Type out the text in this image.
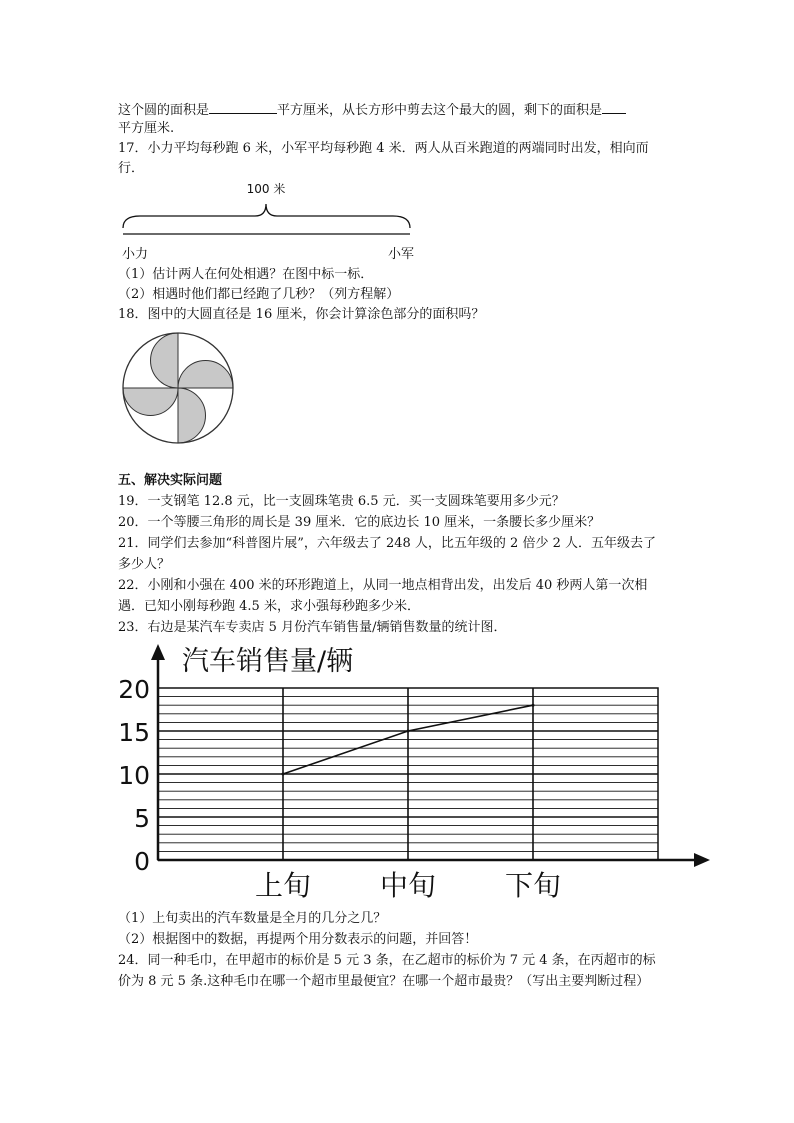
这个圆的面积是	平方厘米，从长方形中剪去这个最大的圆，剩下的面积是
平方厘米.
17．小力平均每秒跑 6 米，小军平均每秒跑 4 米．两人从百米跑道的两端同时出发，相向而
行．
100 米
小力	小军
（1）估计两人在何处相遇？在图中标一标．
（2）相遇时他们都已经跑了几秒？（列方程解）
18．图中的大圆直径是 16 厘米，你会计算涂色部分的面积吗？
五、解决实际问题
19．一支钢笔 12.8 元，比一支圆珠笔贵 6.5 元．买一支圆珠笔要用多少元？
20．一个等腰三角形的周长是 39 厘米．它的底边长 10 厘米，一条腰长多少厘米？
21．同学们去参加“科普图片展”，六年级去了 248 人，比五年级的 2 倍少 2 人．五年级去了
多少人？
22．小刚和小强在 400 米的环形跑道上，从同一地点相背出发，出发后 40 秒两人第一次相
遇．已知小刚每秒跑 4.5 米，求小强每秒跑多少米．
23．右边是某汽车专卖店 5 月份汽车销售量/辆销售数量的统计图．
0
5
10
15
20
上旬 中旬 下旬
汽车销售量/辆
（1）上旬卖出的汽车数量是全月的几分之几？
（2）根据图中的数据，再提两个用分数表示的问题，并回答！
24．同一种毛巾，在甲超市的标价是 5 元 3 条，在乙超市的标价为 7 元 4 条，在丙超市的标
价为 8 元 5 条.这种毛巾在哪一个超市里最便宜？在哪一个超市最贵？（写出主要判断过程）
